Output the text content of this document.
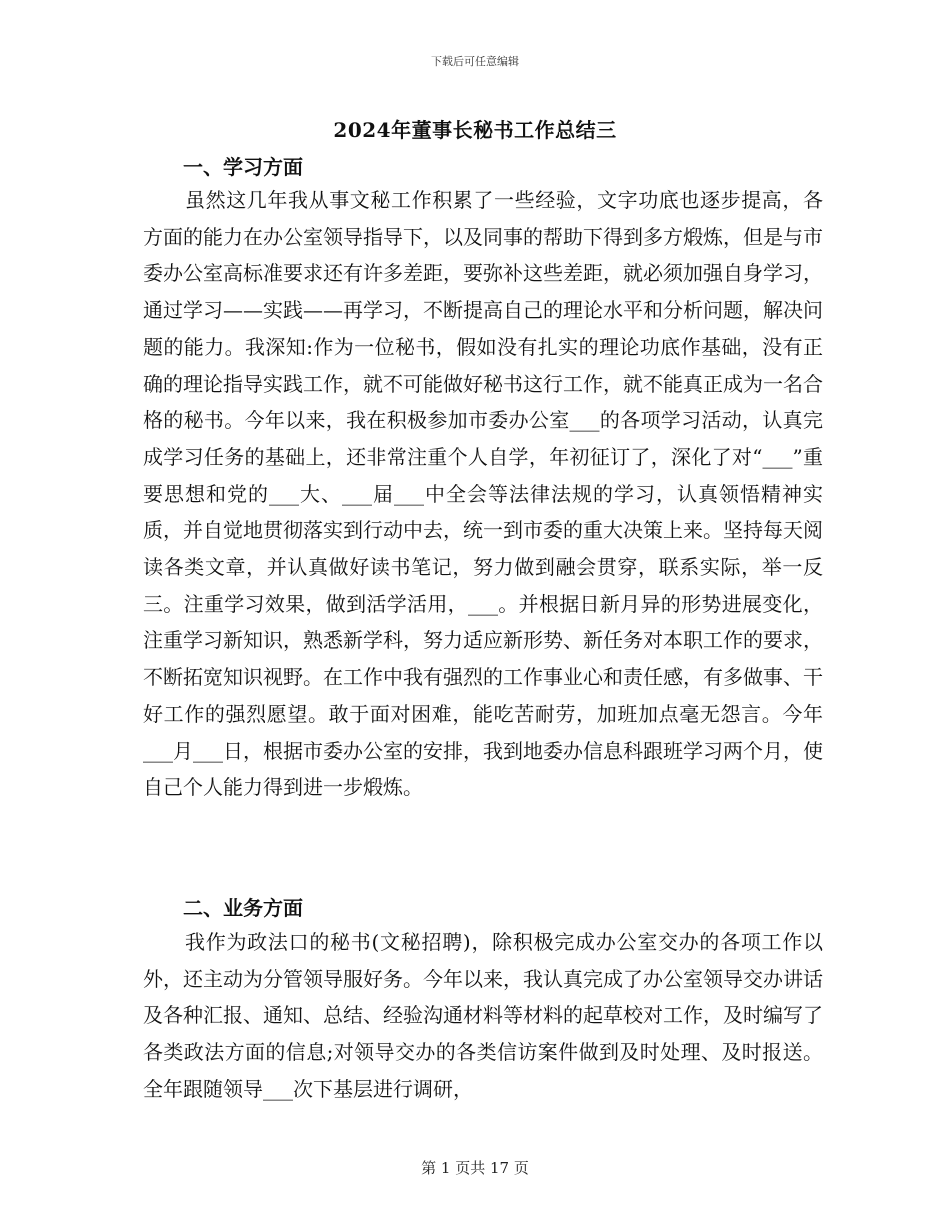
下载后可任意编辑
2024年董事长秘书工作总结三
一、学习方面

虽然这几年我从事文秘工作积累了一些经验，文字功底也逐步提高，各方面的能力在办公室领导指导下，以及同事的帮助下得到多方煅炼，但是与市委办公室高标准要求还有许多差距，要弥补这些差距，就必须加强自身学习，通过学习——实践——再学习，不断提高自己的理论水平和分析问题，解决问题的能力。我深知:作为一位秘书，假如没有扎实的理论功底作基础，没有正确的理论指导实践工作，就不可能做好秘书这行工作，就不能真正成为一名合格的秘书。今年以来，我在积极参加市委办公室___的各项学习活动，认真完成学习任务的基础上，还非常注重个人自学，年初征订了，深化了对“___”重要思想和党的___大、___届___中全会等法律法规的学习，认真领悟精神实质，并自觉地贯彻落实到行动中去，统一到市委的重大决策上来。坚持每天阅读各类文章，并认真做好读书笔记，努力做到融会贯穿，联系实际，举一反三。注重学习效果，做到活学活用，___。并根据日新月异的形势进展变化，注重学习新知识，熟悉新学科，努力适应新形势、新任务对本职工作的要求，不断拓宽知识视野。在工作中我有强烈的工作事业心和责任感，有多做事、干好工作的强烈愿望。敢于面对困难，能吃苦耐劳，加班加点毫无怨言。今年___月___日，根据市委办公室的安排，我到地委办信息科跟班学习两个月，使自己个人能力得到进一步煅炼。

二、业务方面

我作为政法口的秘书(文秘招聘)，除积极完成办公室交办的各项工作以外，还主动为分管领导服好务。今年以来，我认真完成了办公室领导交办讲话及各种汇报、通知、总结、经验沟通材料等材料的起草校对工作，及时编写了各类政法方面的信息;对领导交办的各类信访案件做到及时处理、及时报送。全年跟随领导___次下基层进行调研，

第 1 页共 17 页
